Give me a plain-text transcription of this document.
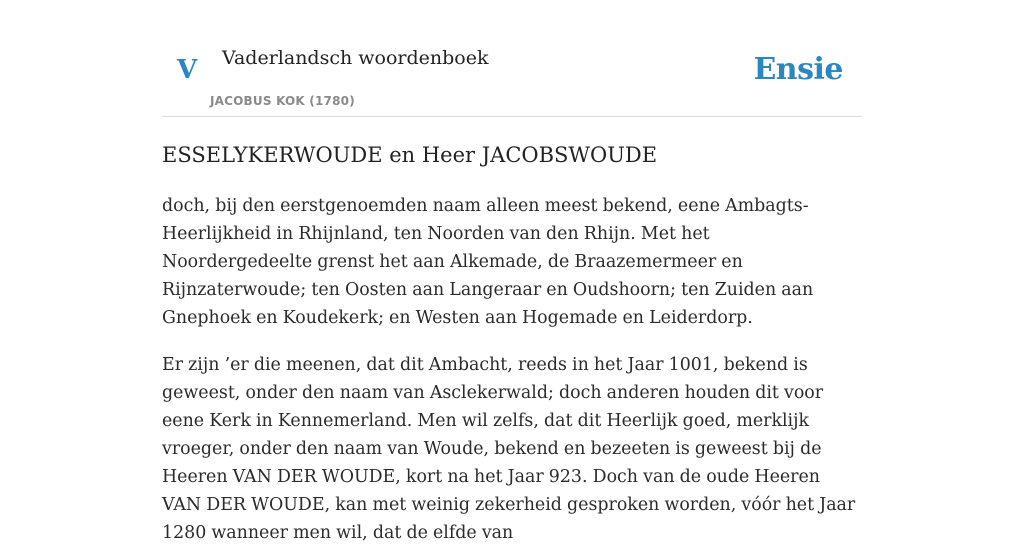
V Vaderlandsch woordenboek
JACOBUS KOK (1780)
Ensie
ESSELYKERWOUDE en Heer JACOBSWOUDE

doch, bij den eerstgenoemden naam alleen meest bekend, eene Ambagts-Heerlijkheid in Rhijnland, ten Noorden van den Rhijn. Met het Noordergedeelte grenst het aan Alkemade, de Braazemermeer en Rijnzaterwoude; ten Oosten aan Langeraar en Oudshoorn; ten Zuiden aan Gnephoek en Koudekerk; en Westen aan Hogemade en Leiderdorp.

Er zijn ’er die meenen, dat dit Ambacht, reeds in het Jaar 1001, bekend is geweest, onder den naam van Asclekerwald; doch anderen houden dit voor eene Kerk in Kennemerland. Men wil zelfs, dat dit Heerlijk goed, merklijk vroeger, onder den naam van Woude, bekend en bezeeten is geweest bij de Heeren VAN DER WOUDE, kort na het Jaar 923. Doch van de oude Heeren VAN DER WOUDE, kan met weinig zekerheid gesproken worden, vóór het Jaar 1280 wanneer men wil, dat de elfde van
